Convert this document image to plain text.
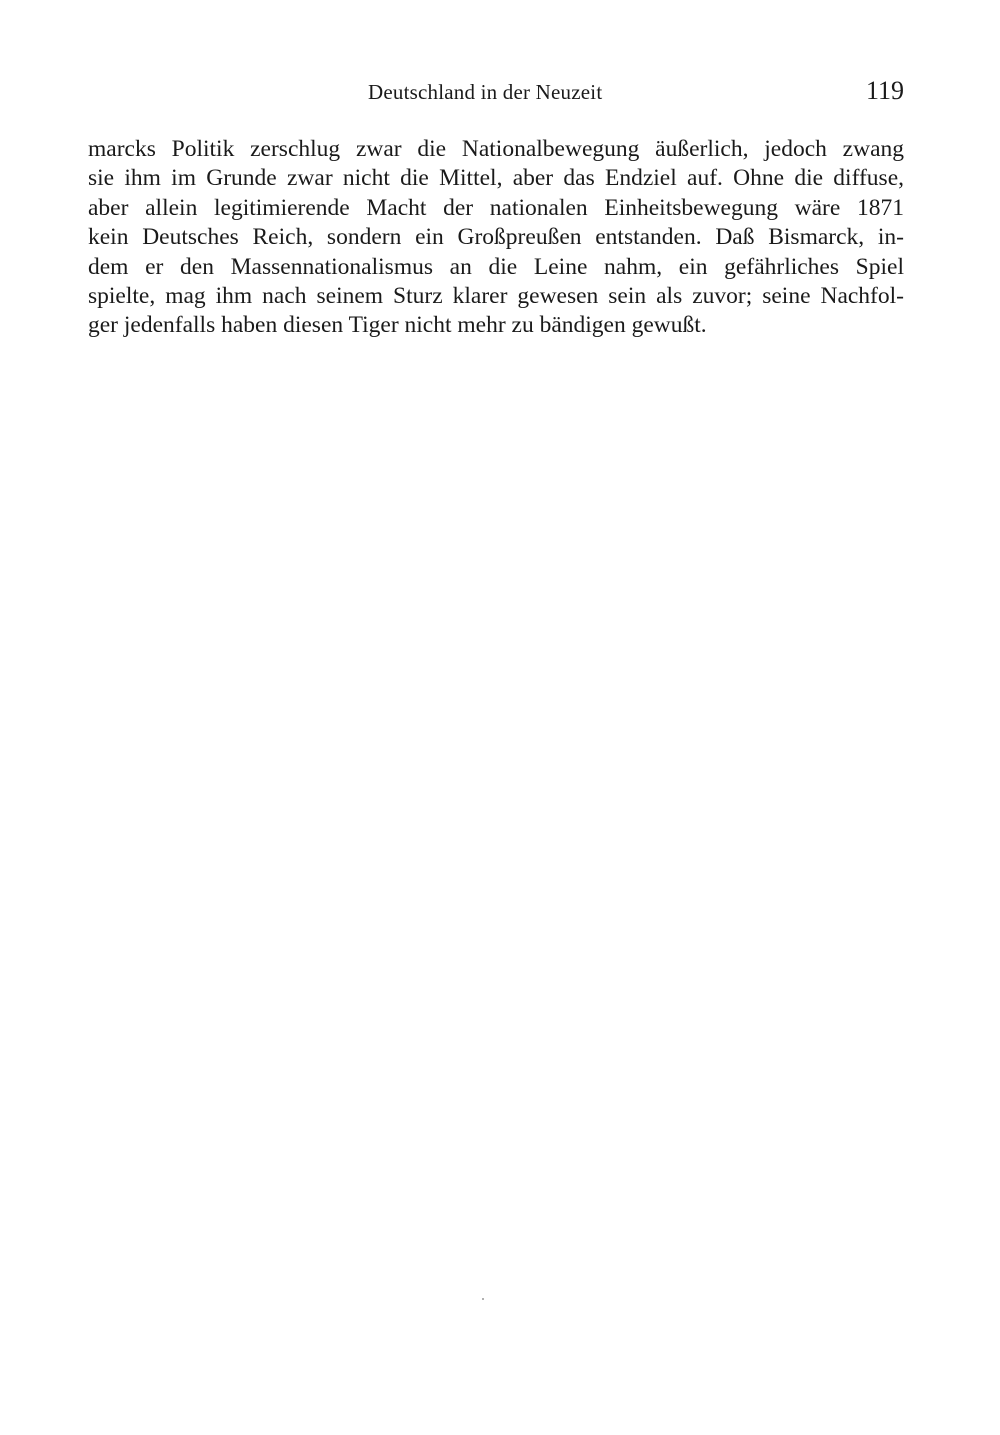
Deutschland in der Neuzeit	119
marcks Politik zerschlug zwar die Nationalbewegung äußerlich, jedoch zwang
sie ihm im Grunde zwar nicht die Mittel, aber das Endziel auf. Ohne die diffuse,
aber allein legitimierende Macht der nationalen Einheitsbewegung wäre 1871
kein Deutsches Reich, sondern ein Großpreußen entstanden. Daß Bismarck, in-
dem er den Massennationalismus an die Leine nahm, ein gefährliches Spiel
spielte, mag ihm nach seinem Sturz klarer gewesen sein als zuvor; seine Nachfol-
ger jedenfalls haben diesen Tiger nicht mehr zu bändigen gewußt.
